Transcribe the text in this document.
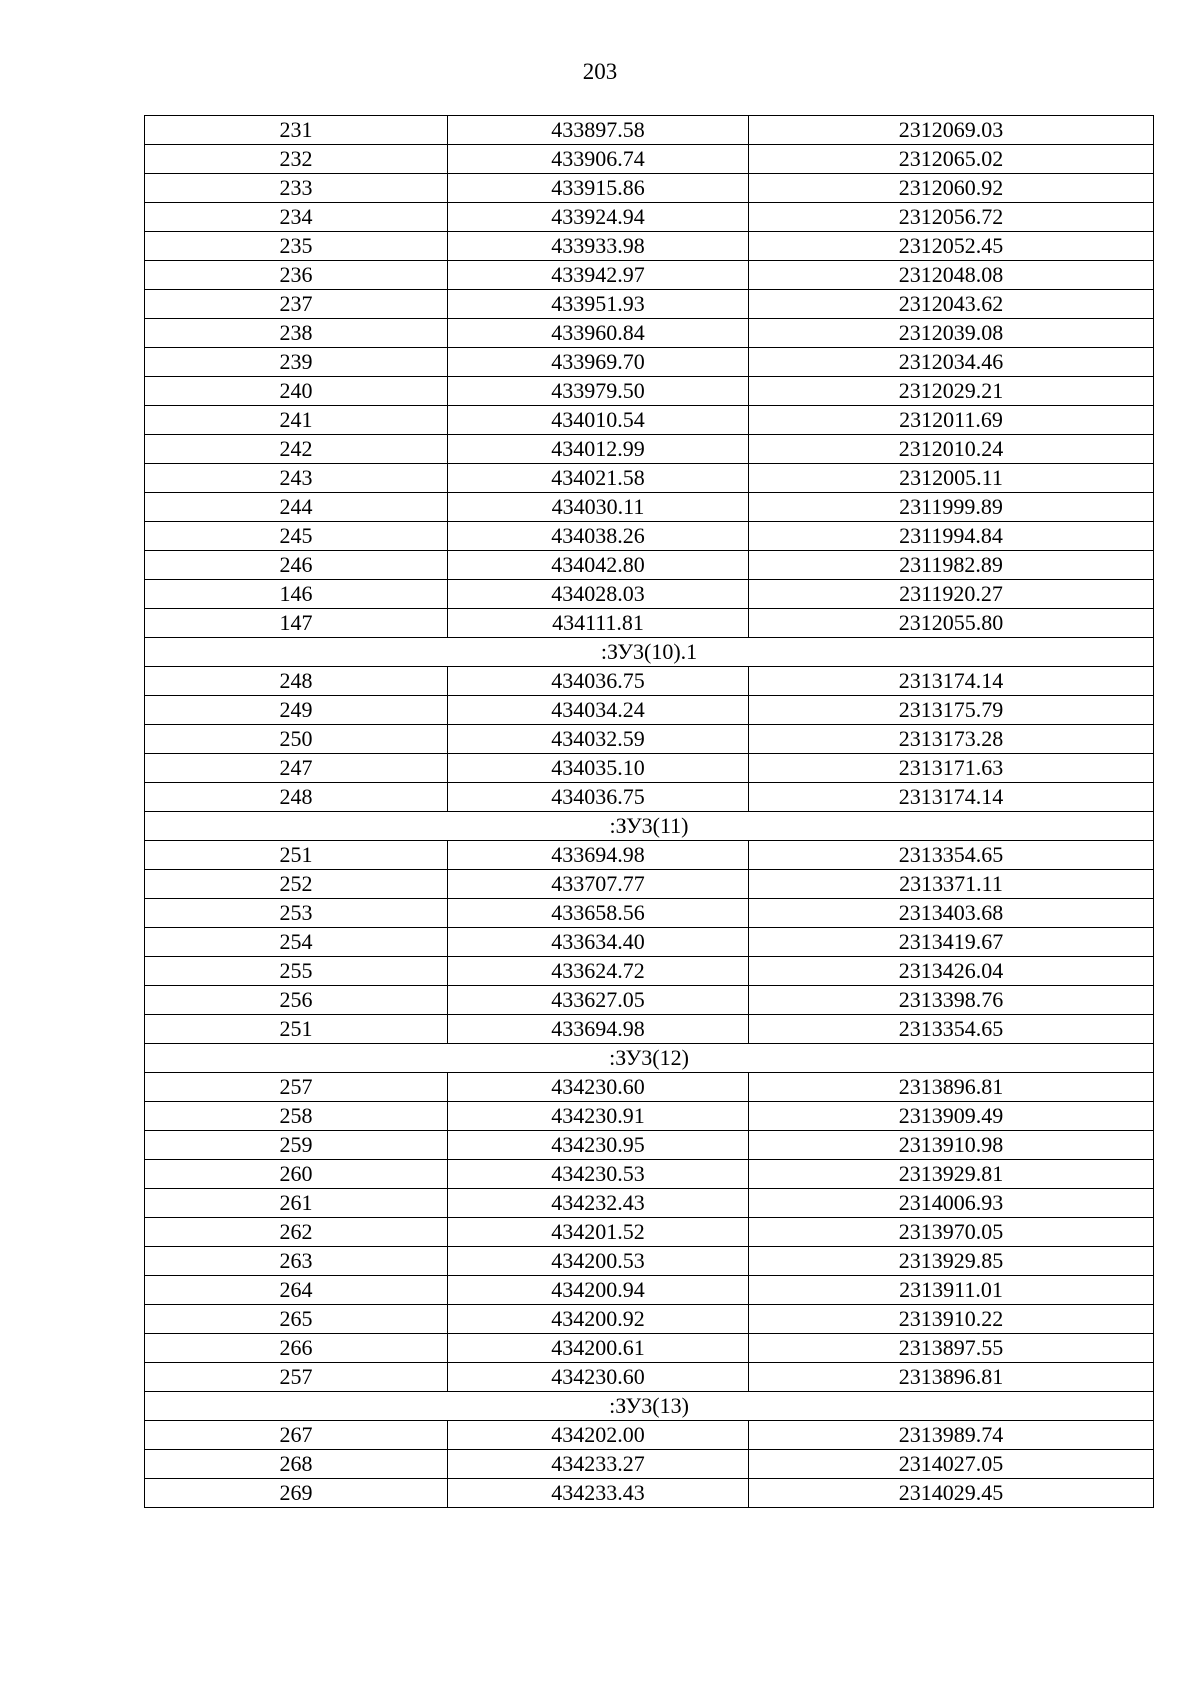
203
231	433897.58	2312069.03
232	433906.74	2312065.02
233	433915.86	2312060.92
234	433924.94	2312056.72
235	433933.98	2312052.45
236	433942.97	2312048.08
237	433951.93	2312043.62
238	433960.84	2312039.08
239	433969.70	2312034.46
240	433979.50	2312029.21
241	434010.54	2312011.69
242	434012.99	2312010.24
243	434021.58	2312005.11
244	434030.11	2311999.89
245	434038.26	2311994.84
246	434042.80	2311982.89
146	434028.03	2311920.27
147	434111.81	2312055.80
:ЗУ3(10).1		
248	434036.75	2313174.14
249	434034.24	2313175.79
250	434032.59	2313173.28
247	434035.10	2313171.63
248	434036.75	2313174.14
:ЗУ3(11)		
251	433694.98	2313354.65
252	433707.77	2313371.11
253	433658.56	2313403.68
254	433634.40	2313419.67
255	433624.72	2313426.04
256	433627.05	2313398.76
251	433694.98	2313354.65
:ЗУ3(12)		
257	434230.60	2313896.81
258	434230.91	2313909.49
259	434230.95	2313910.98
260	434230.53	2313929.81
261	434232.43	2314006.93
262	434201.52	2313970.05
263	434200.53	2313929.85
264	434200.94	2313911.01
265	434200.92	2313910.22
266	434200.61	2313897.55
257	434230.60	2313896.81
:ЗУ3(13)		
267	434202.00	2313989.74
268	434233.27	2314027.05
269	434233.43	2314029.45
